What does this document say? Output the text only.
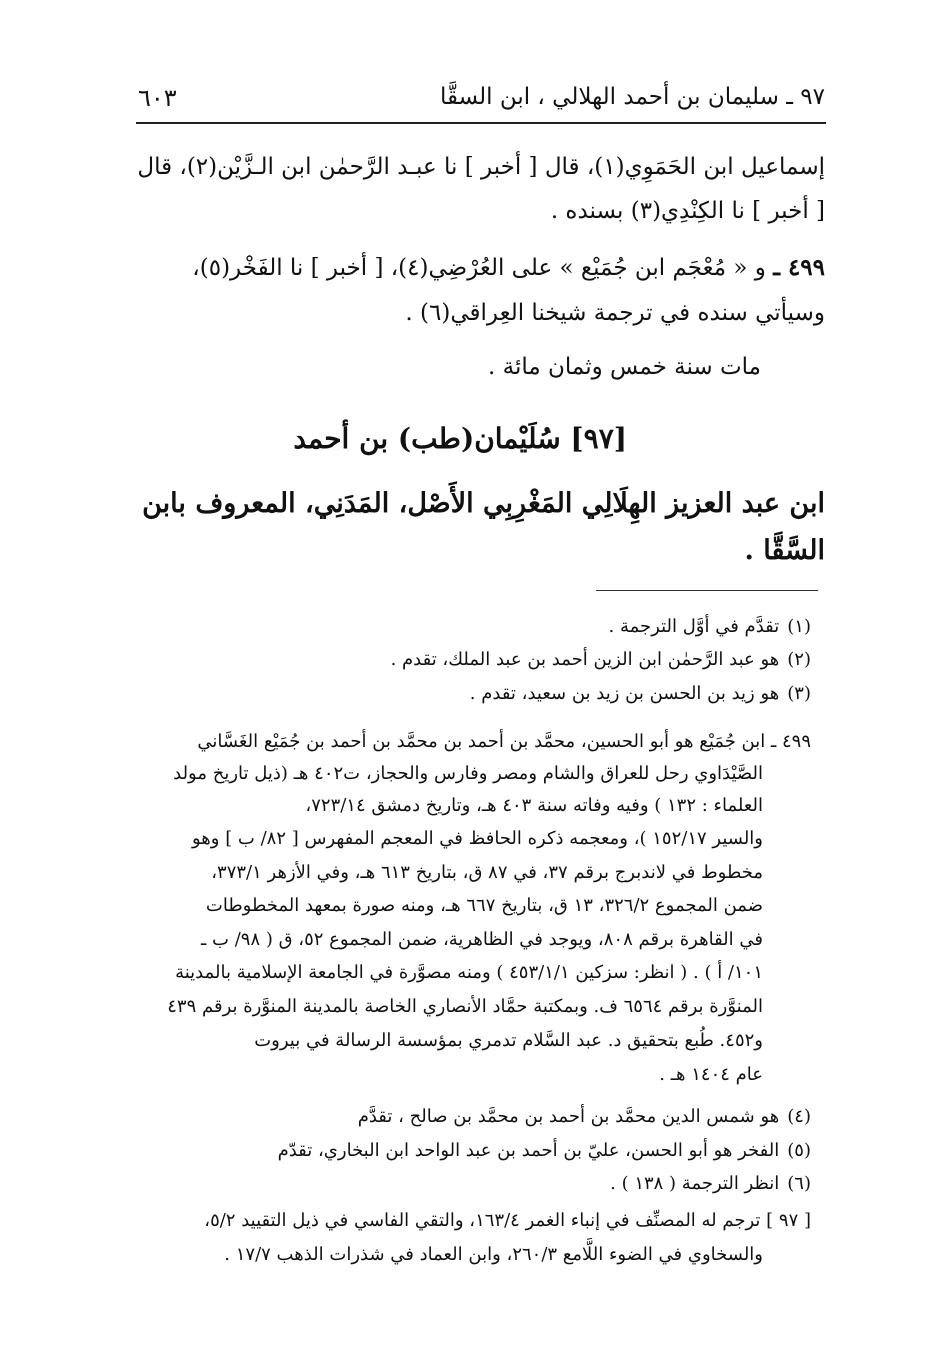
٩٧ ـ سليمان بن أحمد الهلالي ، ابن السقَّا
٦٠٣
إسماعيل ابن الحَمَوِي(١)، قال [ أخبر ] نا عبـد الرَّحمٰن ابن الـزَّيْن(٢)، قال
[ أخبر ] نا الكِنْدِي(٣) بسنده .
٤٩٩ ـ و « مُعْجَم ابن جُمَيْع » على العُرْضِي(٤)، [ أخبر ] نا الفَخْر(٥)،
وسيأتي سنده في ترجمة شيخنا العِراقي(٦) .
مات سنة خمس وثمان مائة .
[٩٧] سُلَيْمان(طب) بن أحمد
ابن عبد العزيز الهِلَالِي المَغْرِبِي الأَصْل، المَدَنِي، المعروف بابن
السَّقَّا .
(١)تقدَّم في أوَّل الترجمة .
(٢)هو عبد الرَّحمٰن ابن الزين أحمد بن عبد الملك، تقدم .
(٣)هو زيد بن الحسن بن زيد بن سعيد، تقدم .
٤٩٩ ـ ابن جُمَيْع هو أبو الحسين، محمَّد بن أحمد بن محمَّد بن أحمد بن جُمَيْع الغَسَّاني
الصَّيْدَاوي رحل للعراق والشام ومصر وفارس والحجاز، ت٤٠٢ هـ (ذيل تاريخ مولد
العلماء : ١٣٢ ) وفيه وفاته سنة ٤٠٣ هـ، وتاريخ دمشق ٧٢٣/١٤،
والسير ١٥٢/١٧ )، ومعجمه ذكره الحافظ في المعجم المفهرس [ ٨٢/ ب ] وهو
مخطوط في لاندبرج برقم ٣٧، في ٨٧ ق، بتاريخ ٦١٣ هـ، وفي الأزهر ٣٧٣/١،
ضمن المجموع ٣٢٦/٢، ١٣ ق، بتاريخ ٦٦٧ هـ، ومنه صورة بمعهد المخطوطات
في القاهرة برقم ٨٠٨، ويوجد في الظاهرية، ضمن المجموع ٥٢، ق ( ٩٨/ ب ـ
١٠١/ أ ) . ( انظر: سزكين ٤٥٣/١/١ ) ومنه مصوَّرة في الجامعة الإسلامية بالمدينة
المنوَّرة برقم ٦٥٦٤ ف. وبمكتبة حمَّاد الأنصاري الخاصة بالمدينة المنوَّرة برقم ٤٣٩
و٤٥٢. طُبع بتحقيق د. عبد السَّلام تدمري بمؤسسة الرسالة في بيروت
عام ١٤٠٤ هـ .
(٤)هو شمس الدين محمَّد بن أحمد بن محمَّد بن صالح ، تقدَّم
(٥)الفخر هو أبو الحسن، عليّ بن أحمد بن عبد الواحد ابن البخاري، تقدّم
(٦)انظر الترجمة ( ١٣٨ ) .
[ ٩٧ ] ترجم له المصنِّف في إنباء الغمر ١٦٣/٤، والتقي الفاسي في ذيل التقييد ٥/٢،
والسخاوي في الضوء اللَّامع ٢٦٠/٣، وابن العماد في شذرات الذهب ١٧/٧ .
